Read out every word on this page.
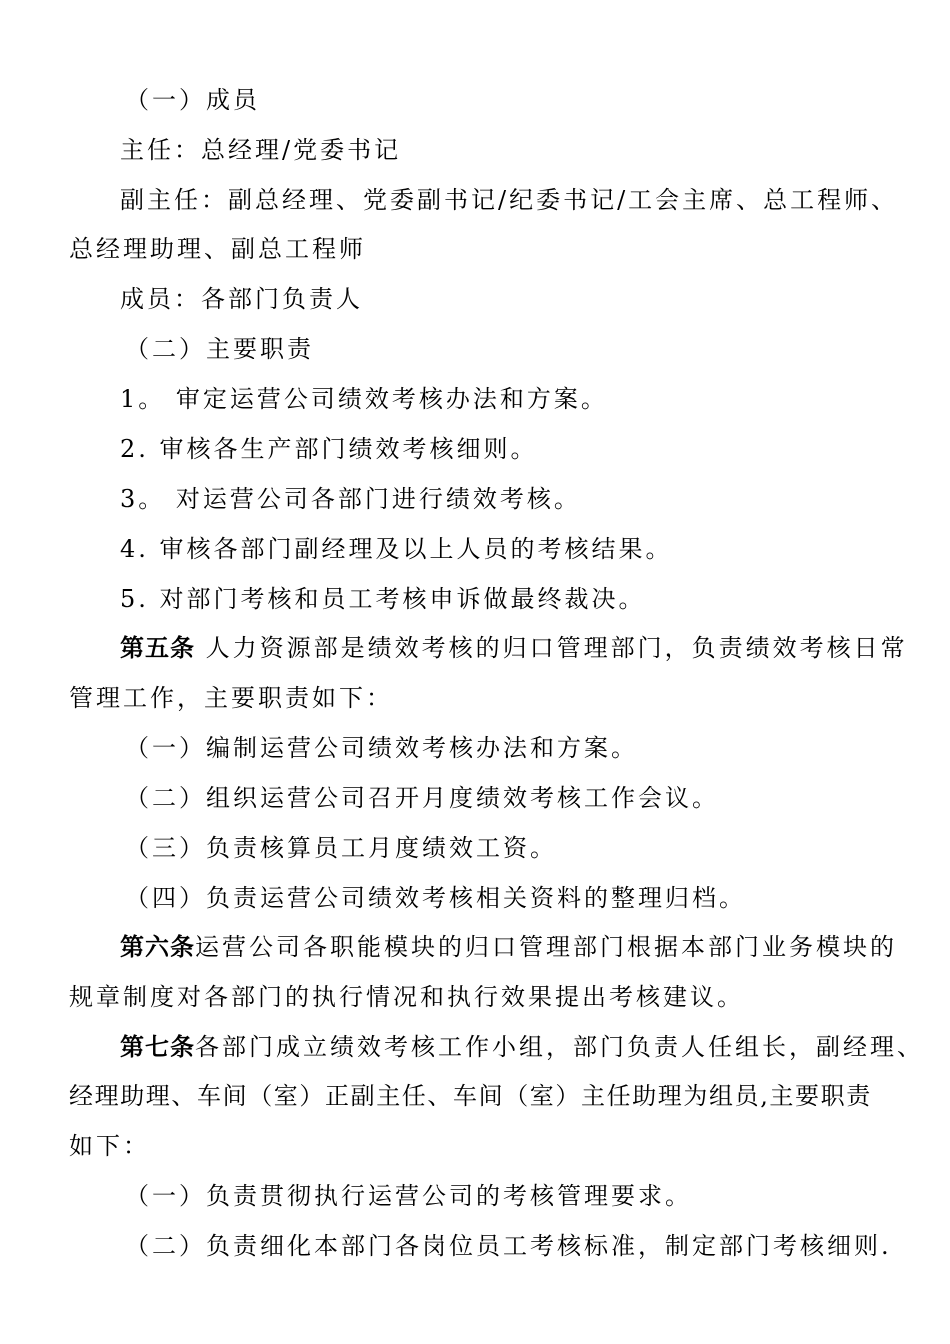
（一）成员
主任：总经理/党委书记
副主任：副总经理、党委副书记/纪委书记/工会主席、总工程师、
总经理助理、副总工程师
成员：各部门负责人
（二）主要职责
1。 审定运营公司绩效考核办法和方案。
2. 审核各生产部门绩效考核细则。
3。 对运营公司各部门进行绩效考核。
4. 审核各部门副经理及以上人员的考核结果。
5. 对部门考核和员工考核申诉做最终裁决。
第五条 人力资源部是绩效考核的归口管理部门，负责绩效考核日常
管理工作，主要职责如下：
（一）编制运营公司绩效考核办法和方案。
（二）组织运营公司召开月度绩效考核工作会议。
（三）负责核算员工月度绩效工资。
（四）负责运营公司绩效考核相关资料的整理归档。
第六条运营公司各职能模块的归口管理部门根据本部门业务模块的
规章制度对各部门的执行情况和执行效果提出考核建议。
第七条各部门成立绩效考核工作小组，部门负责人任组长，副经理、
经理助理、车间（室）正副主任、车间（室）主任助理为组员,主要职责
如下：
（一）负责贯彻执行运营公司的考核管理要求。
（二）负责细化本部门各岗位员工考核标准，制定部门考核细则.
